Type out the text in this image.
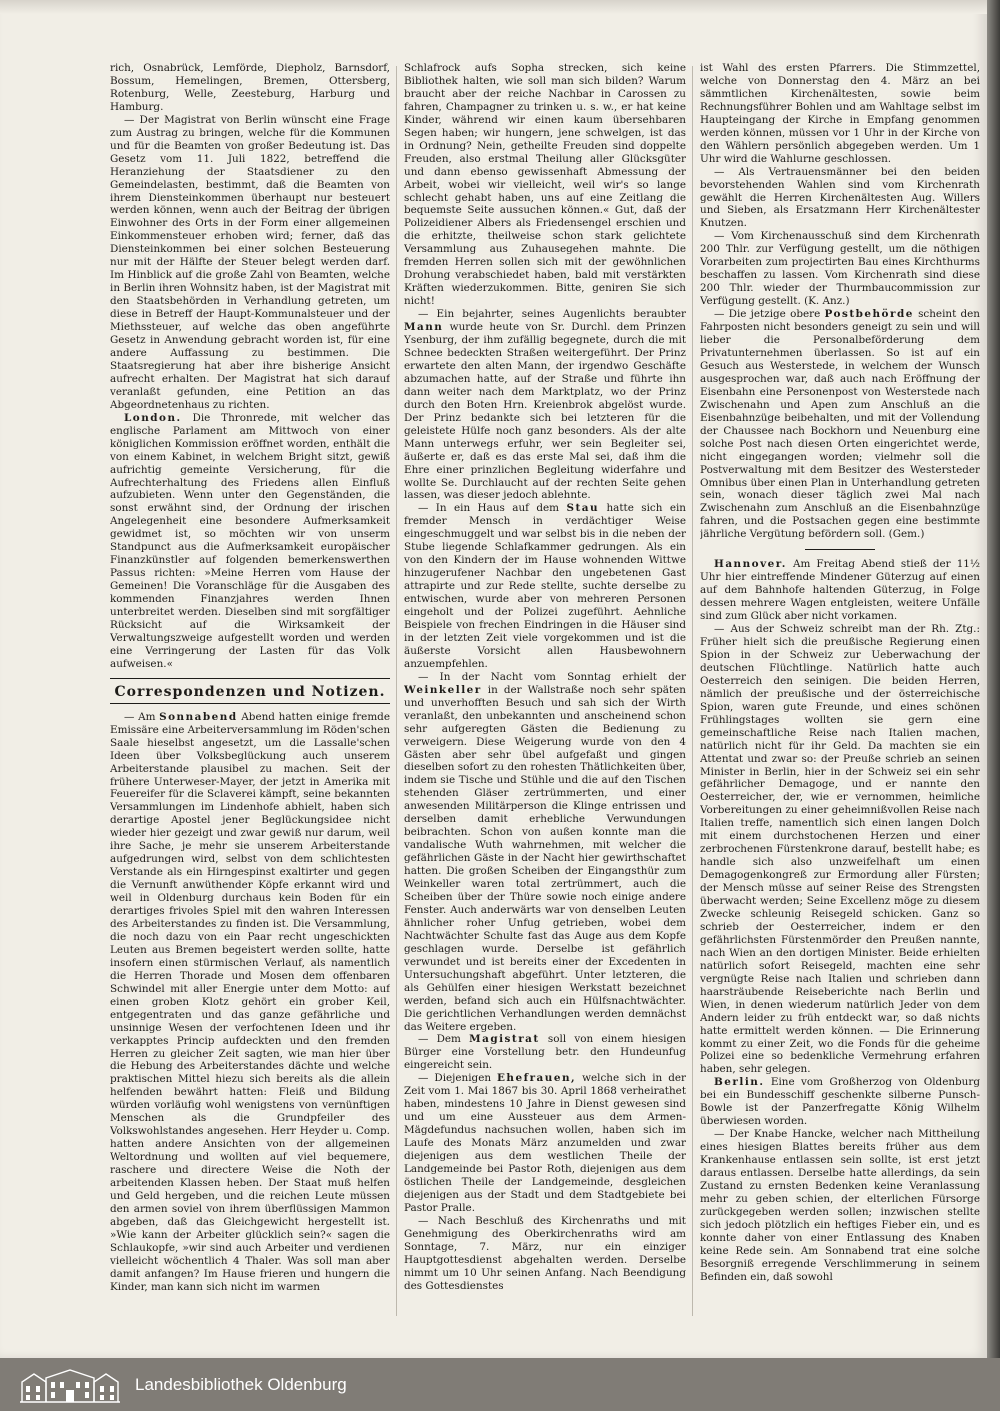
rich, Osnabrück, Lemförde, Diepholz, Barnsdorf, Bossum, Hemelingen, Bremen, Ottersberg, Rotenburg, Welle, Zeesteburg, Harburg und Hamburg.

— Der Magistrat von Berlin wünscht eine Frage zum Austrag zu bringen, welche für die Kommunen und für die Beamten von großer Bedeutung ist. Das Gesetz vom 11. Juli 1822, betreffend die Heranziehung der Staatsdiener zu den Gemeindelasten, bestimmt, daß die Beamten von ihrem Diensteinkommen überhaupt nur besteuert werden können, wenn auch der Beitrag der übrigen Einwohner des Orts in der Form einer allgemeinen Einkommensteuer erhoben wird; ferner, daß das Diensteinkommen bei einer solchen Besteuerung nur mit der Hälfte der Steuer belegt werden darf. Im Hinblick auf die große Zahl von Beamten, welche in Berlin ihren Wohnsitz haben, ist der Magistrat mit den Staatsbehörden in Verhandlung getreten, um diese in Betreff der Haupt-Kommunalsteuer und der Miethssteuer, auf welche das oben angeführte Gesetz in Anwendung gebracht worden ist, für eine andere Auffassung zu bestimmen. Die Staatsregierung hat aber ihre bisherige Ansicht aufrecht erhalten. Der Magistrat hat sich darauf veranlaßt gefunden, eine Petition an das Abgeordnetenhaus zu richten.

London. Die Thronrede, mit welcher das englische Parlament am Mittwoch von einer königlichen Kommission eröffnet worden, enthält die von einem Kabinet, in welchem Bright sitzt, gewiß aufrichtig gemeinte Versicherung, für die Aufrechterhaltung des Friedens allen Einfluß aufzubieten. Wenn unter den Gegenständen, die sonst erwähnt sind, der Ordnung der irischen Angelegenheit eine besondere Aufmerksamkeit gewidmet ist, so möchten wir von unserm Standpunct aus die Aufmerksamkeit europäischer Finanzkünstler auf folgenden bemerkenswerthen Passus richten: »Meine Herren vom Hause der Gemeinen! Die Voranschläge für die Ausgaben des kommenden Finanzjahres werden Ihnen unterbreitet werden. Dieselben sind mit sorgfältiger Rücksicht auf die Wirksamkeit der Verwaltungszweige aufgestellt worden und werden eine Verringerung der Lasten für das Volk aufweisen.«

Correspondenzen und Notizen.

— Am Sonnabend Abend hatten einige fremde Emissäre eine Arbeiterversammlung im Röden'schen Saale hieselbst angesetzt, um die Lassalle'schen Ideen über Volksbeglückung auch unserem Arbeiterstande plausibel zu machen. Seit der frühere Unterweser-Mayer, der jetzt in Amerika mit Feuereifer für die Sclaverei kämpft, seine bekannten Versammlungen im Lindenhofe abhielt, haben sich derartige Apostel jener Beglückungsidee nicht wieder hier gezeigt und zwar gewiß nur darum, weil ihre Sache, je mehr sie unserem Arbeiterstande aufgedrungen wird, selbst von dem schlichtesten Verstande als ein Hirngespinst exaltirter und gegen die Vernunft anwüthender Köpfe erkannt wird und weil in Oldenburg durchaus kein Boden für ein derartiges frivoles Spiel mit den wahren Interessen des Arbeiterstandes zu finden ist. Die Versammlung, die noch dazu von ein Paar recht ungeschickten Leuten aus Bremen begeistert werden sollte, hatte insofern einen stürmischen Verlauf, als namentlich die Herren Thorade und Mosen dem offenbaren Schwindel mit aller Energie unter dem Motto: auf einen groben Klotz gehört ein grober Keil, entgegentraten und das ganze gefährliche und unsinnige Wesen der verfochtenen Ideen und ihr verkapptes Princip aufdeckten und den fremden Herren zu gleicher Zeit sagten, wie man hier über die Hebung des Arbeiterstandes dächte und welche praktischen Mittel hiezu sich bereits als die allein helfenden bewährt hatten: Fleiß und Bildung würden vorläufig wohl wenigstens von vernünftigen Menschen als die Grundpfeiler des Volkswohlstandes angesehen. Herr Heyder u. Comp. hatten andere Ansichten von der allgemeinen Weltordnung und wollten auf viel bequemere, raschere und directere Weise die Noth der arbeitenden Klassen heben. Der Staat muß helfen und Geld hergeben, und die reichen Leute müssen den armen soviel von ihrem überflüssigen Mammon abgeben, daß das Gleichgewicht hergestellt ist. »Wie kann der Arbeiter glücklich sein?« sagen die Schlaukopfe, »wir sind auch Arbeiter und verdienen vielleicht wöchentlich 4 Thaler. Was soll man aber damit anfangen? Im Hause frieren und hungern die Kinder, man kann sich nicht im warmen

Schlafrock aufs Sopha strecken, sich keine Bibliothek halten, wie soll man sich bilden? Warum braucht aber der reiche Nachbar in Carossen zu fahren, Champagner zu trinken u. s. w., er hat keine Kinder, während wir einen kaum übersehbaren Segen haben; wir hungern, jene schwelgen, ist das in Ordnung? Nein, getheilte Freuden sind doppelte Freuden, also erstmal Theilung aller Glücksgüter und dann ebenso gewissenhaft Abmessung der Arbeit, wobei wir vielleicht, weil wir's so lange schlecht gehabt haben, uns auf eine Zeitlang die bequemste Seite aussuchen können.« Gut, daß der Polizeidiener Albers als Friedensengel erschien und die erhitzte, theilweise schon stark gelichtete Versammlung aus Zuhausegehen mahnte. Die fremden Herren sollen sich mit der gewöhnlichen Drohung verabschiedet haben, bald mit verstärkten Kräften wiederzukommen. Bitte, geniren Sie sich nicht!

— Ein bejahrter, seines Augenlichts beraubter Mann wurde heute von Sr. Durchl. dem Prinzen Ysenburg, der ihm zufällig begegnete, durch die mit Schnee bedeckten Straßen weitergeführt. Der Prinz erwartete den alten Mann, der irgendwo Geschäfte abzumachen hatte, auf der Straße und führte ihn dann weiter nach dem Marktplatz, wo der Prinz durch den Boten Hrn. Kreienbrok abgelöst wurde. Der Prinz bedankte sich bei letzteren für die geleistete Hülfe noch ganz besonders. Als der alte Mann unterwegs erfuhr, wer sein Begleiter sei, äußerte er, daß es das erste Mal sei, daß ihm die Ehre einer prinzlichen Begleitung widerfahre und wollte Se. Durchlaucht auf der rechten Seite gehen lassen, was dieser jedoch ablehnte.

— In ein Haus auf dem Stau hatte sich ein fremder Mensch in verdächtiger Weise eingeschmuggelt und war selbst bis in die neben der Stube liegende Schlafkammer gedrungen. Als ein von den Kindern der im Hause wohnenden Wittwe hinzugerufener Nachbar den ungebetenen Gast attrapirte und zur Rede stellte, suchte derselbe zu entwischen, wurde aber von mehreren Personen eingeholt und der Polizei zugeführt. Aehnliche Beispiele von frechen Eindringen in die Häuser sind in der letzten Zeit viele vorgekommen und ist die äußerste Vorsicht allen Hausbewohnern anzuempfehlen.

— In der Nacht vom Sonntag erhielt der Weinkeller in der Wallstraße noch sehr späten und unverhofften Besuch und sah sich der Wirth veranlaßt, den unbekannten und anscheinend schon sehr aufgeregten Gästen die Bedienung zu verweigern. Diese Weigerung wurde von den 4 Gästen aber sehr übel aufgefaßt und gingen dieselben sofort zu den rohesten Thätlichkeiten über, indem sie Tische und Stühle und die auf den Tischen stehenden Gläser zertrümmerten, und einer anwesenden Militärperson die Klinge entrissen und derselben damit erhebliche Verwundungen beibrachten. Schon von außen konnte man die vandalische Wuth wahrnehmen, mit welcher die gefährlichen Gäste in der Nacht hier gewirthschaftet hatten. Die großen Scheiben der Eingangsthür zum Weinkeller waren total zertrümmert, auch die Scheiben über der Thüre sowie noch einige andere Fenster. Auch anderwärts war von denselben Leuten ähnlicher roher Unfug getrieben, wobei dem Nachtwächter Schulte fast das Auge aus dem Kopfe geschlagen wurde. Derselbe ist gefährlich verwundet und ist bereits einer der Excedenten in Untersuchungshaft abgeführt. Unter letzteren, die als Gehülfen einer hiesigen Werkstatt bezeichnet werden, befand sich auch ein Hülfsnachtwächter. Die gerichtlichen Verhandlungen werden demnächst das Weitere ergeben.

— Dem Magistrat soll von einem hiesigen Bürger eine Vorstellung betr. den Hundeunfug eingereicht sein.

— Diejenigen Ehefrauen, welche sich in der Zeit vom 1. Mai 1867 bis 30. April 1868 verheirathet haben, mindestens 10 Jahre in Dienst gewesen sind und um eine Aussteuer aus dem Armen-Mägdefundus nachsuchen wollen, haben sich im Laufe des Monats März anzumelden und zwar diejenigen aus dem westlichen Theile der Landgemeinde bei Pastor Roth, diejenigen aus dem östlichen Theile der Landgemeinde, desgleichen diejenigen aus der Stadt und dem Stadtgebiete bei Pastor Pralle.

— Nach Beschluß des Kirchenraths und mit Genehmigung des Oberkirchenraths wird am Sonntage, 7. März, nur ein einziger Hauptgottesdienst abgehalten werden. Derselbe nimmt um 10 Uhr seinen Anfang. Nach Beendigung des Gottesdienstes

ist Wahl des ersten Pfarrers. Die Stimmzettel, welche von Donnerstag den 4. März an bei sämmtlichen Kirchenältesten, sowie beim Rechnungsführer Bohlen und am Wahltage selbst im Haupteingang der Kirche in Empfang genommen werden können, müssen vor 1 Uhr in der Kirche von den Wählern persönlich abgegeben werden. Um 1 Uhr wird die Wahlurne geschlossen.

— Als Vertrauensmänner bei den beiden bevorstehenden Wahlen sind vom Kirchenrath gewählt die Herren Kirchenältesten Aug. Willers und Sieben, als Ersatzmann Herr Kirchenältester Knutzen.

— Vom Kirchenausschuß sind dem Kirchenrath 200 Thlr. zur Verfügung gestellt, um die nöthigen Vorarbeiten zum projectirten Bau eines Kirchthurms beschaffen zu lassen. Vom Kirchenrath sind diese 200 Thlr. wieder der Thurmbaucommission zur Verfügung gestellt. (K. Anz.)

— Die jetzige obere Postbehörde scheint den Fahrposten nicht besonders geneigt zu sein und will lieber die Personalbeförderung dem Privatunternehmen überlassen. So ist auf ein Gesuch aus Westerstede, in welchem der Wunsch ausgesprochen war, daß auch nach Eröffnung der Eisenbahn eine Personenpost von Westerstede nach Zwischenahn und Apen zum Anschluß an die Eisenbahnzüge beibehalten, und mit der Vollendung der Chaussee nach Bockhorn und Neuenburg eine solche Post nach diesen Orten eingerichtet werde, nicht eingegangen worden; vielmehr soll die Postverwaltung mit dem Besitzer des Westersteder Omnibus über einen Plan in Unterhandlung getreten sein, wonach dieser täglich zwei Mal nach Zwischenahn zum Anschluß an die Eisenbahnzüge fahren, und die Postsachen gegen eine bestimmte jährliche Vergütung befördern soll. (Gem.)

Hannover. Am Freitag Abend stieß der 11½ Uhr hier eintreffende Mindener Güterzug auf einen auf dem Bahnhofe haltenden Güterzug, in Folge dessen mehrere Wagen entgleisten, weitere Unfälle sind zum Glück aber nicht vorkamen.

— Aus der Schweiz schreibt man der Rh. Ztg.: Früher hielt sich die preußische Regierung einen Spion in der Schweiz zur Ueberwachung der deutschen Flüchtlinge. Natürlich hatte auch Oesterreich den seinigen. Die beiden Herren, nämlich der preußische und der österreichische Spion, waren gute Freunde, und eines schönen Frühlingstages wollten sie gern eine gemeinschaftliche Reise nach Italien machen, natürlich nicht für ihr Geld. Da machten sie ein Attentat und zwar so: der Preuße schrieb an seinen Minister in Berlin, hier in der Schweiz sei ein sehr gefährlicher Demagoge, und er nannte den Oesterreicher, der, wie er vernommen, heimliche Vorbereitungen zu einer geheimnißvollen Reise nach Italien treffe, namentlich sich einen langen Dolch mit einem durchstochenen Herzen und einer zerbrochenen Fürstenkrone darauf, bestellt habe; es handle sich also unzweifelhaft um einen Demagogenkongreß zur Ermordung aller Fürsten; der Mensch müsse auf seiner Reise des Strengsten überwacht werden; Seine Excellenz möge zu diesem Zwecke schleunig Reisegeld schicken. Ganz so schrieb der Oesterreicher, indem er den gefährlichsten Fürstenmörder den Preußen nannte, nach Wien an den dortigen Minister. Beide erhielten natürlich sofort Reisegeld, machten eine sehr vergnügte Reise nach Italien und schrieben dann haarsträubende Reiseberichte nach Berlin und Wien, in denen wiederum natürlich Jeder von dem Andern leider zu früh entdeckt war, so daß nichts hatte ermittelt werden können. — Die Erinnerung kommt zu einer Zeit, wo die Fonds für die geheime Polizei eine so bedenkliche Vermehrung erfahren haben, sehr gelegen.

Berlin. Eine vom Großherzog von Oldenburg bei ein Bundesschiff geschenkte silberne Punsch-Bowle ist der Panzerfregatte König Wilhelm überwiesen worden.

— Der Knabe Hancke, welcher nach Mittheilung eines hiesigen Blattes bereits früher aus dem Krankenhause entlassen sein sollte, ist erst jetzt daraus entlassen. Derselbe hatte allerdings, da sein Zustand zu ernsten Bedenken keine Veranlassung mehr zu geben schien, der elterlichen Fürsorge zurückgegeben werden sollen; inzwischen stellte sich jedoch plötzlich ein heftiges Fieber ein, und es konnte daher von einer Entlassung des Knaben keine Rede sein. Am Sonnabend trat eine solche Besorgniß erregende Verschlimmerung in seinem Befinden ein, daß sowohl

Landesbibliothek Oldenburg
